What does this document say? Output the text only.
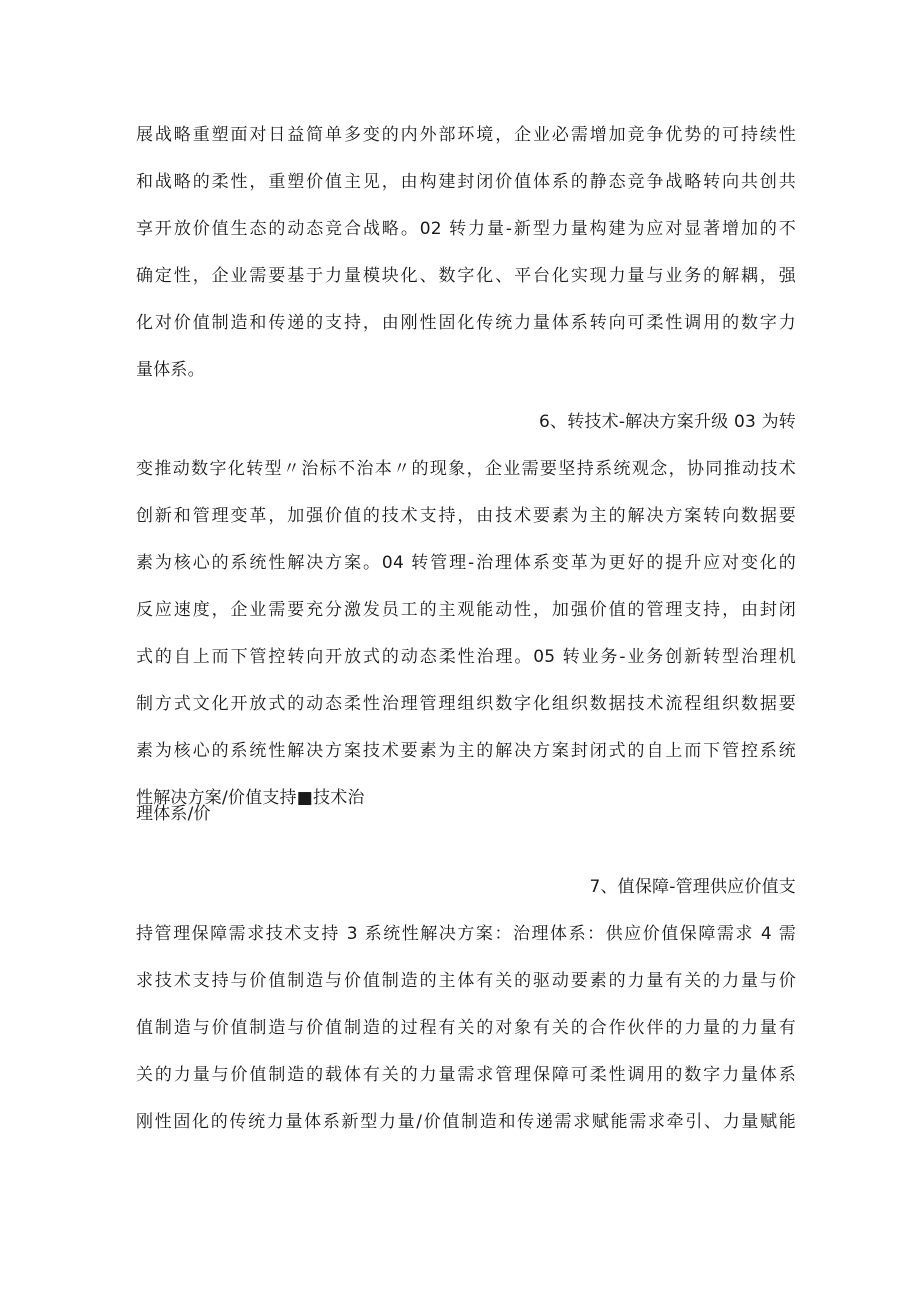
展战略重塑面对日益简单多变的内外部环境，企业必需增加竞争优势的可持续性
和战略的柔性，重塑价值主见，由构建封闭价值体系的静态竞争战略转向共创共
享开放价值生态的动态竞合战略。02 转力量-新型力量构建为应对显著增加的不
确定性，企业需要基于力量模块化、数字化、平台化实现力量与业务的解耦，强
化对价值制造和传递的支持，由刚性固化传统力量体系转向可柔性调用的数字力
量体系。
6、转技术-解决方案升级 03 为转
变推动数字化转型〃治标不治本〃的现象，企业需要坚持系统观念，协同推动技术
创新和管理变革，加强价值的技术支持，由技术要素为主的解决方案转向数据要
素为核心的系统性解决方案。04 转管理-治理体系变革为更好的提升应对变化的
反应速度，企业需要充分激发员工的主观能动性，加强价值的管理支持，由封闭
式的自上而下管控转向开放式的动态柔性治理。05 转业务-业务创新转型治理机
制方式文化开放式的动态柔性治理管理组织数字化组织数据技术流程组织数据要
素为核心的系统性解决方案技术要素为主的解决方案封闭式的自上而下管控系统
性解决方案/价值支持■技术治
理体系/价
7、值保障-管理供应价值支
持管理保障需求技术支持 3 系统性解决方案：治理体系：供应价值保障需求 4 需
求技术支持与价值制造与价值制造的主体有关的驱动要素的力量有关的力量与价
值制造与价值制造与价值制造的过程有关的对象有关的合作伙伴的力量的力量有
关的力量与价值制造的载体有关的力量需求管理保障可柔性调用的数字力量体系
刚性固化的传统力量体系新型力量/价值制造和传递需求赋能需求牵引、力量赋能
